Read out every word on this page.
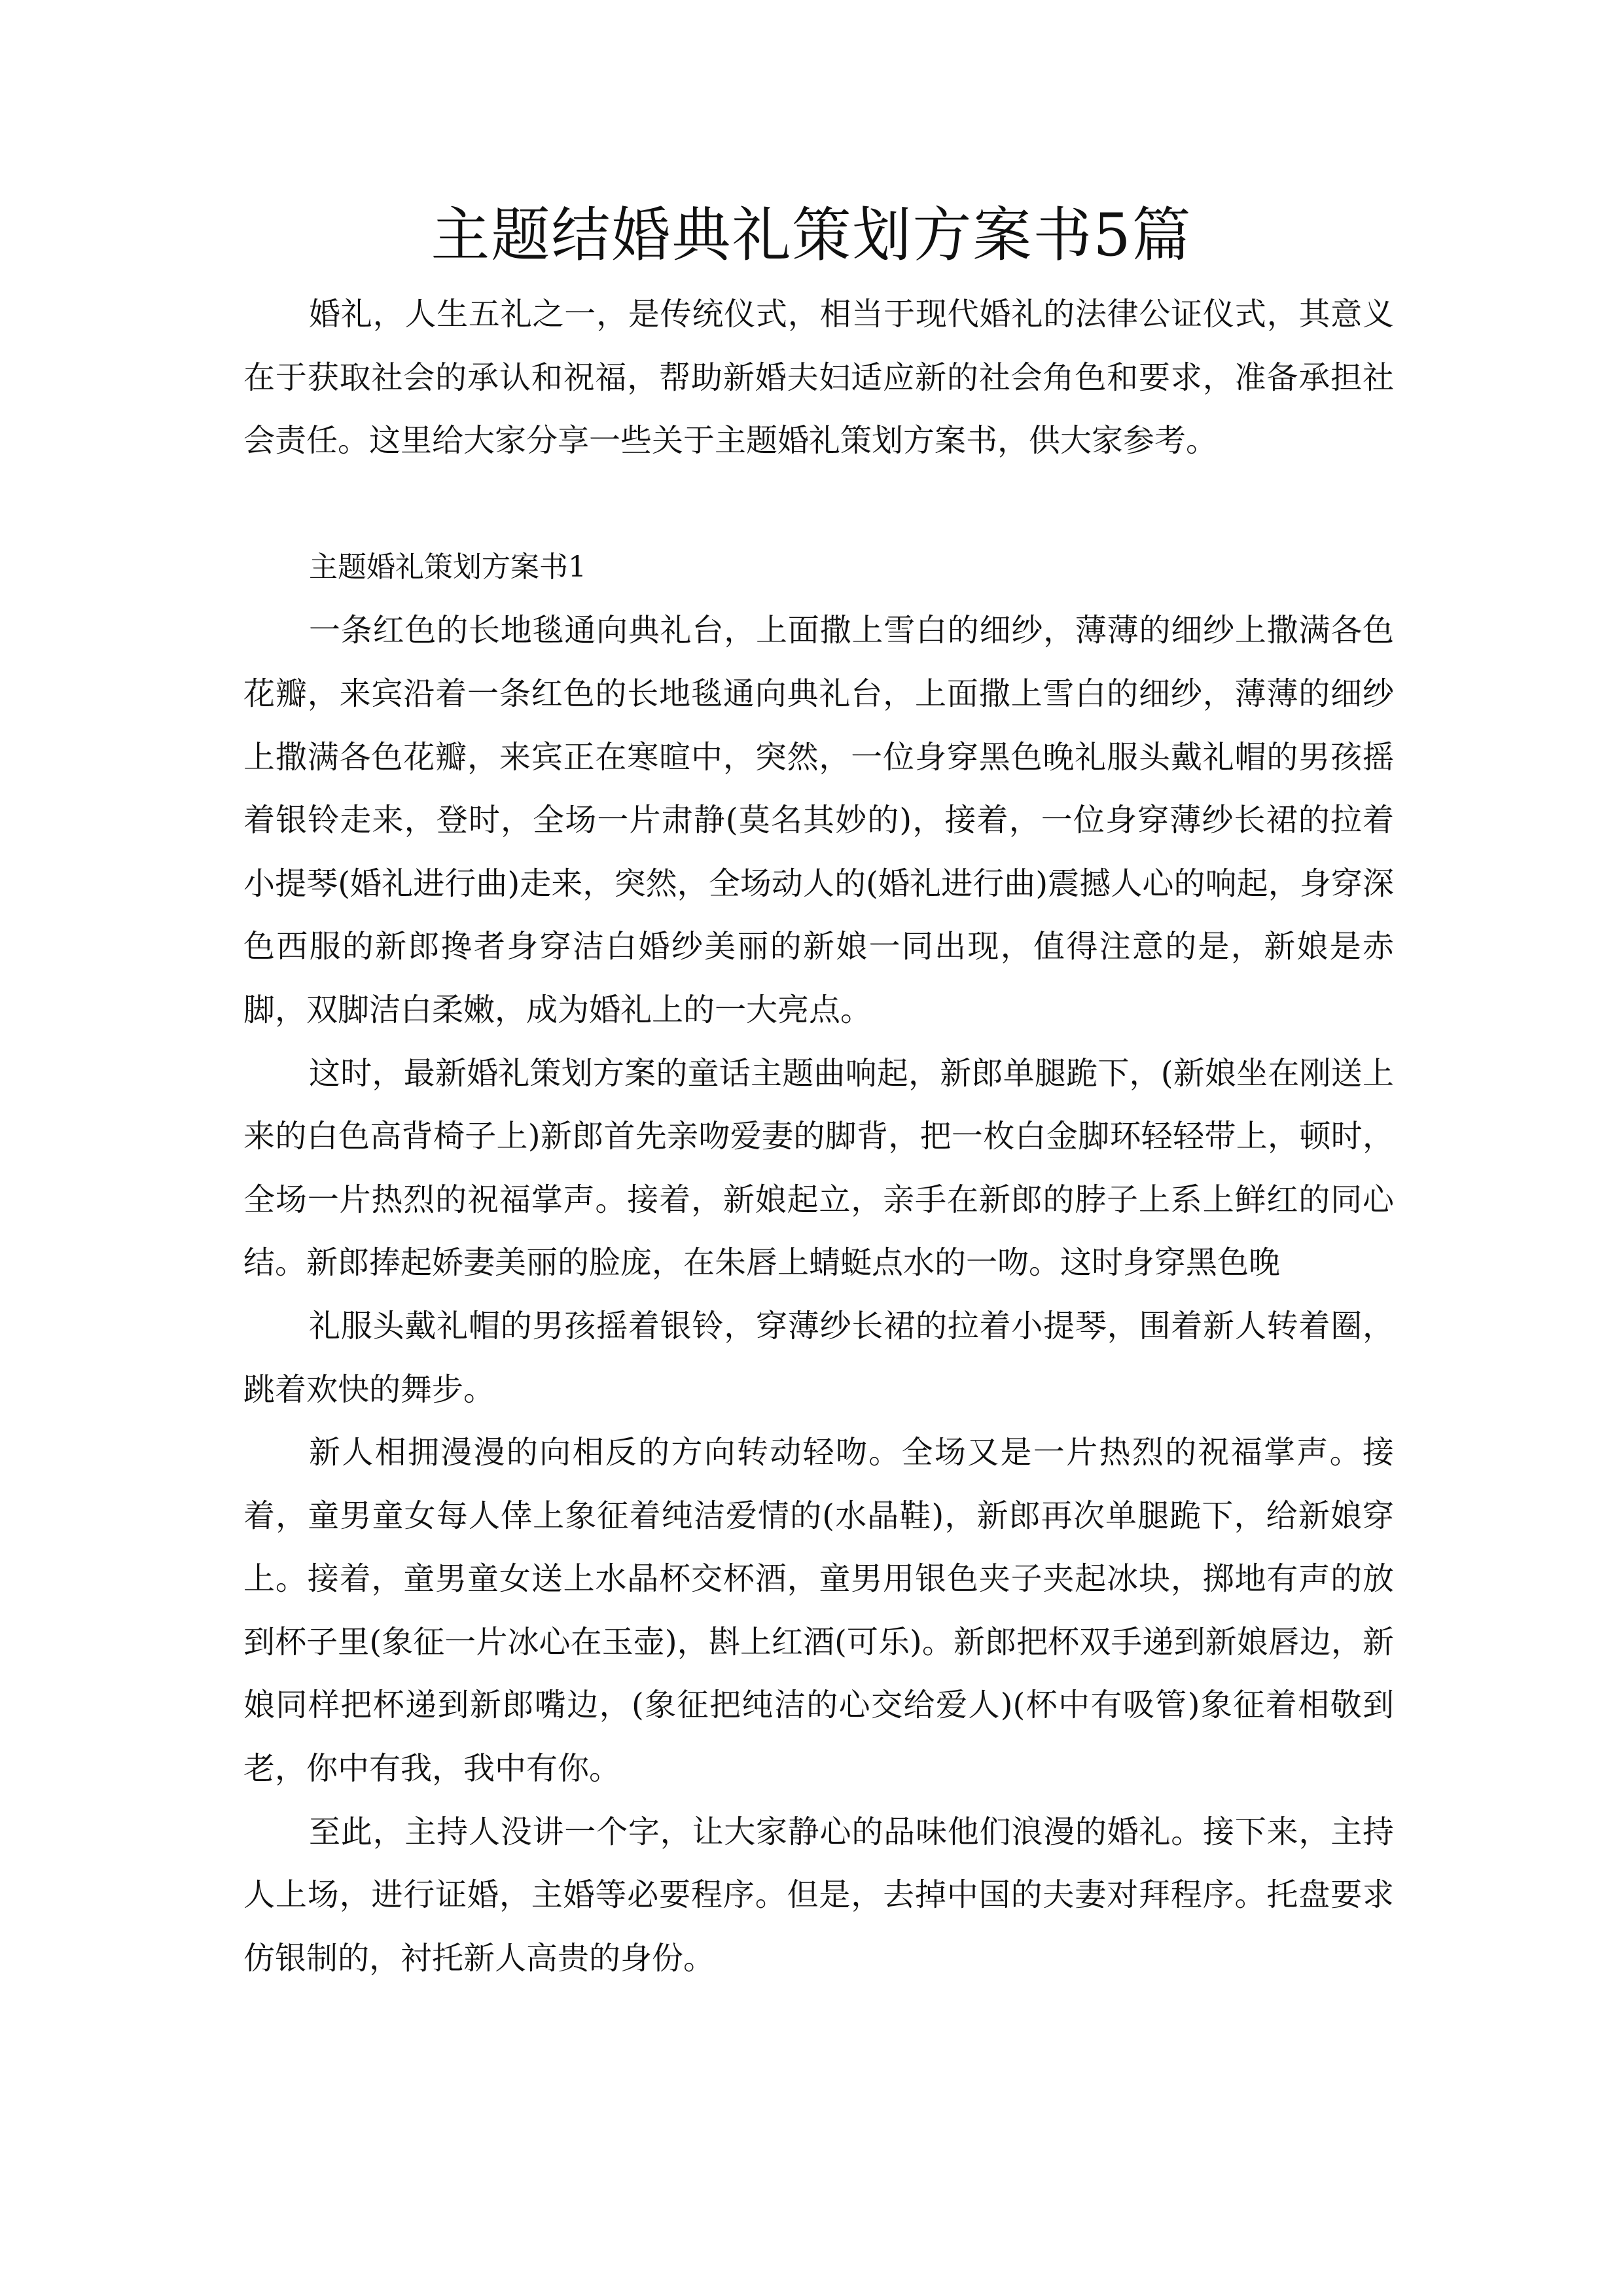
主题结婚典礼策划方案书5篇

婚礼，人生五礼之一，是传统仪式，相当于现代婚礼的法律公证仪式，其意义在于获取社会的承认和祝福，帮助新婚夫妇适应新的社会角色和要求，准备承担社会责任。这里给大家分享一些关于主题婚礼策划方案书，供大家参考。

主题婚礼策划方案书1

一条红色的长地毯通向典礼台，上面撒上雪白的细纱，薄薄的细纱上撒满各色花瓣，来宾沿着一条红色的长地毯通向典礼台，上面撒上雪白的细纱，薄薄的细纱上撒满各色花瓣，来宾正在寒暄中，突然，一位身穿黑色晚礼服头戴礼帽的男孩摇着银铃走来，登时，全场一片肃静(莫名其妙的)，接着，一位身穿薄纱长裙的拉着小提琴(婚礼进行曲)走来，突然，全场动人的(婚礼进行曲)震撼人心的响起，身穿深色西服的新郎搀者身穿洁白婚纱美丽的新娘一同出现，值得注意的是，新娘是赤脚，双脚洁白柔嫩，成为婚礼上的一大亮点。

这时，最新婚礼策划方案的童话主题曲响起，新郎单腿跪下，(新娘坐在刚送上来的白色高背椅子上)新郎首先亲吻爱妻的脚背，把一枚白金脚环轻轻带上，顿时，全场一片热烈的祝福掌声。接着，新娘起立，亲手在新郎的脖子上系上鲜红的同心结。新郎捧起娇妻美丽的脸庞，在朱唇上蜻蜓点水的一吻。这时身穿黑色晚

礼服头戴礼帽的男孩摇着银铃，穿薄纱长裙的拉着小提琴，围着新人转着圈，跳着欢快的舞步。

新人相拥漫漫的向相反的方向转动轻吻。全场又是一片热烈的祝福掌声。接着，童男童女每人倖上象征着纯洁爱情的(水晶鞋)，新郎再次单腿跪下，给新娘穿上。接着，童男童女送上水晶杯交杯酒，童男用银色夹子夹起冰块，掷地有声的放到杯子里(象征一片冰心在玉壶)，斟上红酒(可乐)。新郎把杯双手递到新娘唇边，新娘同样把杯递到新郎嘴边，(象征把纯洁的心交给爱人)(杯中有吸管)象征着相敬到老，你中有我，我中有你。

至此，主持人没讲一个字，让大家静心的品味他们浪漫的婚礼。接下来，主持人上场，进行证婚，主婚等必要程序。但是，去掉中国的夫妻对拜程序。托盘要求仿银制的，衬托新人高贵的身份。
